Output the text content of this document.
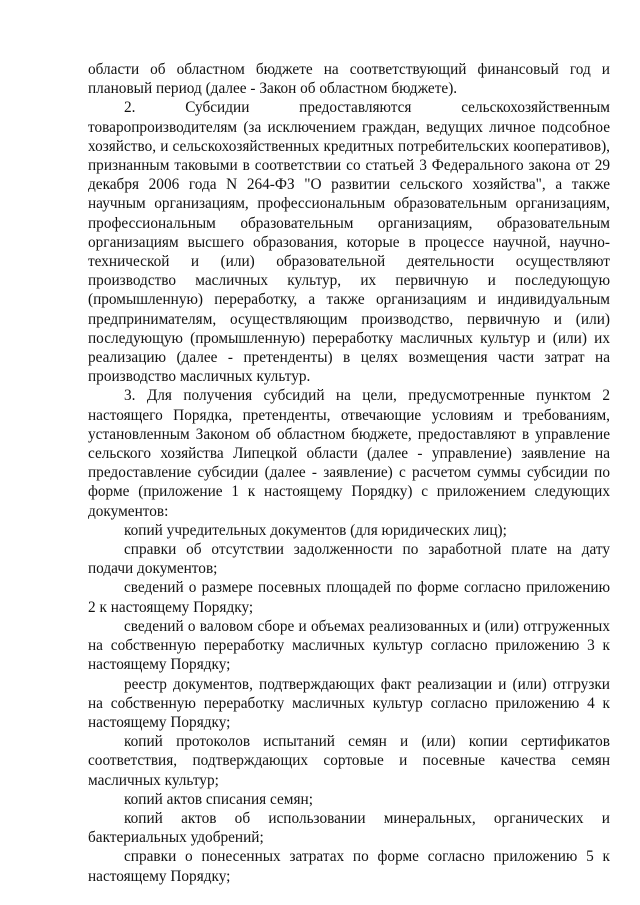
области об областном бюджете на соответствующий финансовый год и плановый период (далее - Закон об областном бюджете).

2. Субсидии предоставляются сельскохозяйственным товаропроизводителям (за исключением граждан, ведущих личное подсобное хозяйство, и сельскохозяйственных кредитных потребительских кооперативов), признанным таковыми в соответствии со статьей 3 Федерального закона от 29 декабря 2006 года N 264-ФЗ "О развитии сельского хозяйства", а также научным организациям, профессиональным образовательным организациям, профессиональным образовательным организациям, образовательным организациям высшего образования, которые в процессе научной, научно-технической и (или) образовательной деятельности осуществляют производство масличных культур, их первичную и последующую (промышленную) переработку, а также организациям и индивидуальным предпринимателям, осуществляющим производство, первичную и (или) последующую (промышленную) переработку масличных культур и (или) их реализацию (далее - претенденты) в целях возмещения части затрат на производство масличных культур.

3. Для получения субсидий на цели, предусмотренные пунктом 2 настоящего Порядка, претенденты, отвечающие условиям и требованиям, установленным Законом об областном бюджете, предоставляют в управление сельского хозяйства Липецкой области (далее - управление) заявление на предоставление субсидии (далее - заявление) с расчетом суммы субсидии по форме (приложение 1 к настоящему Порядку) с приложением следующих документов:

копий учредительных документов (для юридических лиц);

справки об отсутствии задолженности по заработной плате на дату подачи документов;

сведений о размере посевных площадей по форме согласно приложению 2 к настоящему Порядку;

сведений о валовом сборе и объемах реализованных и (или) отгруженных на собственную переработку масличных культур согласно приложению 3 к настоящему Порядку;

реестр документов, подтверждающих факт реализации и (или) отгрузки на собственную переработку масличных культур согласно приложению 4 к настоящему Порядку;

копий протоколов испытаний семян и (или) копии сертификатов соответствия, подтверждающих сортовые и посевные качества семян масличных культур;

копий актов списания семян;

копий актов об использовании минеральных, органических и бактериальных удобрений;

справки о понесенных затратах по форме согласно приложению 5 к настоящему Порядку;
